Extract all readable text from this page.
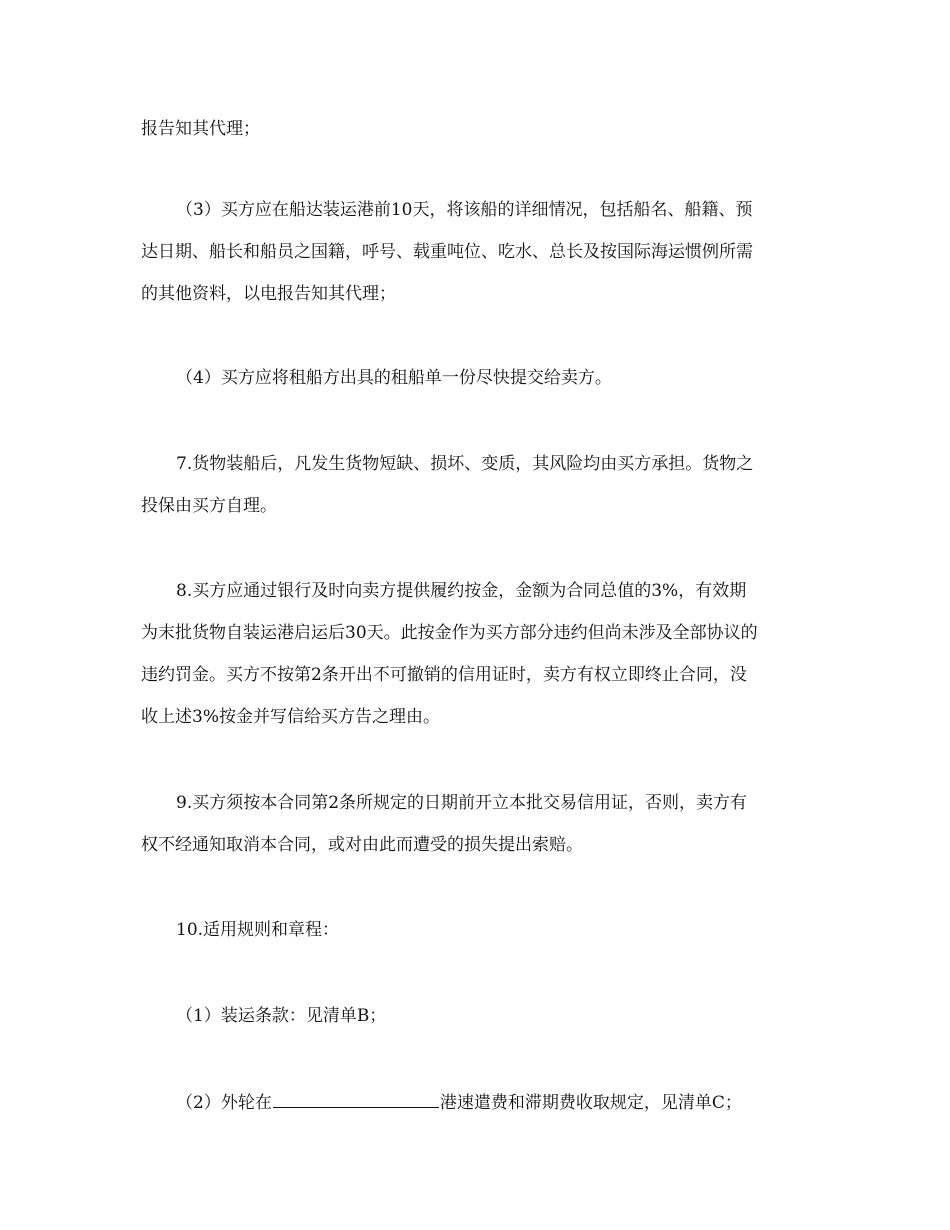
报告知其代理；
（3）买方应在船达装运港前10天，将该船的详细情况，包括船名、船籍、预
达日期、船长和船员之国籍，呼号、载重吨位、吃水、总长及按国际海运惯例所需
的其他资料，以电报告知其代理；
（4）买方应将租船方出具的租船单一份尽快提交给卖方。
7.货物装船后，凡发生货物短缺、损坏、变质，其风险均由买方承担。货物之
投保由买方自理。
8.买方应通过银行及时向卖方提供履约按金，金额为合同总值的3%，有效期
为末批货物自装运港启运后30天。此按金作为买方部分违约但尚未涉及全部协议的
违约罚金。买方不按第2条开出不可撤销的信用证时，卖方有权立即终止合同，没
收上述3%按金并写信给买方告之理由。
9.买方须按本合同第2条所规定的日期前开立本批交易信用证，否则，卖方有
权不经通知取消本合同，或对由此而遭受的损失提出索赔。
10.适用规则和章程：
（1）装运条款：见清单B；
（2）外轮在	港速遣费和滞期费收取规定，见清单C；
